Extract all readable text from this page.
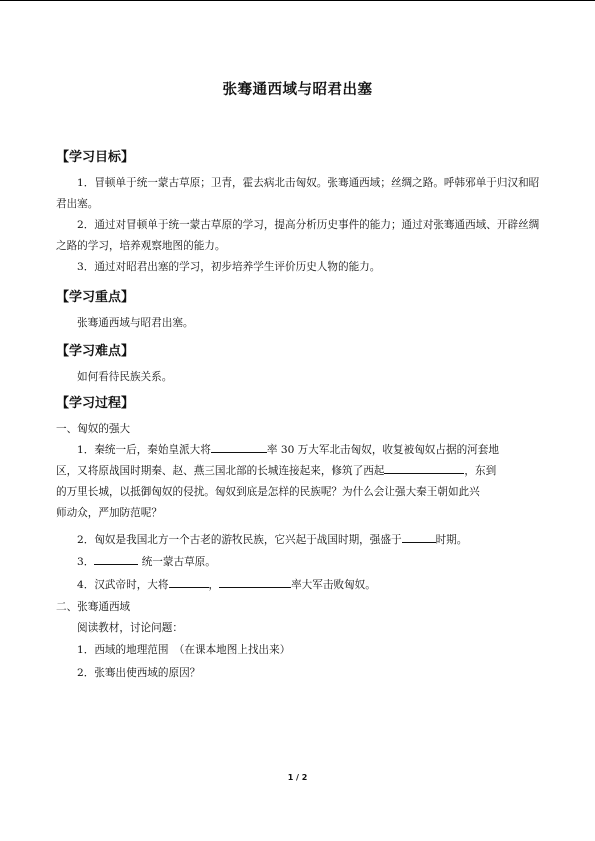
张骞通西域与昭君出塞
【学习目标】
1．冒顿单于统一蒙古草原；卫青，霍去病北击匈奴。张骞通西域；丝绸之路。呼韩邪单于归汉和昭君出塞。
2．通过对冒顿单于统一蒙古草原的学习，提高分析历史事件的能力；通过对张骞通西域、开辟丝绸之路的学习，培养观察地图的能力。
3．通过对昭君出塞的学习，初步培养学生评价历史人物的能力。
【学习重点】
张骞通西域与昭君出塞。
【学习难点】
如何看待民族关系。
【学习过程】
一、匈奴的强大
1．秦统一后，秦始皇派大将	率 30 万大军北击匈奴，收复被匈奴占据的河套地
区，又将原战国时期秦、赵、燕三国北部的长城连接起来，修筑了西起	，东到
的万里长城，以抵御匈奴的侵扰。匈奴到底是怎样的民族呢？为什么会让强大秦王朝如此兴
师动众，严加防范呢？
2．匈奴是我国北方一个古老的游牧民族，它兴起于战国时期，强盛于	时期。
3．	统一蒙古草原。
4．汉武帝时，大将	，	率大军击败匈奴。
二、张骞通西域
阅读教材，讨论问题：
1．西域的地理范围　（在课本地图上找出来）
2．张骞出使西域的原因？
1 / 2
